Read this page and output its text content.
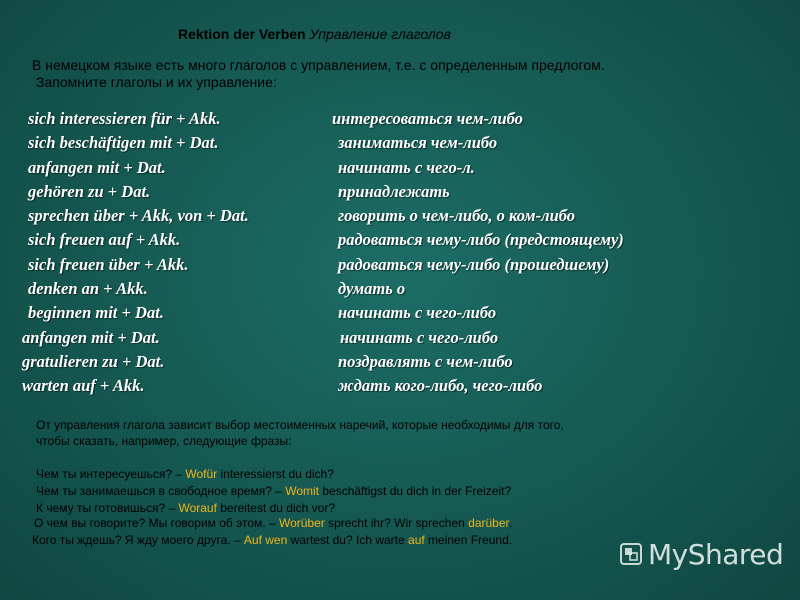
Rektion der Verben Управление глаголов
В немецком языке есть много глаголов с управлением, т.е. с определенным предлогом.
Запомните глаголы и их управление:
sich interessieren für + Akk.	интересоваться чем-либо
sich beschäftigen mit + Dat.	заниматься чем-либо
anfangen mit + Dat.	начинать с чего-л.
gehören zu + Dat.	принадлежать
sprechen über + Akk, von + Dat.	говорить о чем-либо, о ком-либо
sich freuen auf + Akk.	радоваться чему-либо (предстоящему)
sich freuen über + Akk.	радоваться чему-либо (прошедшему)
denken an + Akk.	думать о
beginnen mit + Dat.	начинать с чего-либо
anfangen mit + Dat.	начинать с чего-либо
gratulieren zu + Dat.	поздравлять с чем-либо
warten auf + Akk.	ждать кого-либо, чего-либо
От управления глагола зависит выбор местоименных наречий, которые необходимы для того,
чтобы сказать, например, следующие фразы:
Чем ты интересуешься? – Wofür interessierst du dich?
Чем ты занимаешься в свободное время? – Womit beschäftigst du dich in der Freizeit?
К чему ты готовишься? – Worauf bereitest du dich vor?
О чем вы говорите? Мы говорим об этом. – Worüber sprecht ihr? Wir sprechen darüber.
Кого ты ждешь? Я жду моего друга. – Auf wen wartest du? Ich warte auf meinen Freund.	MyShared
